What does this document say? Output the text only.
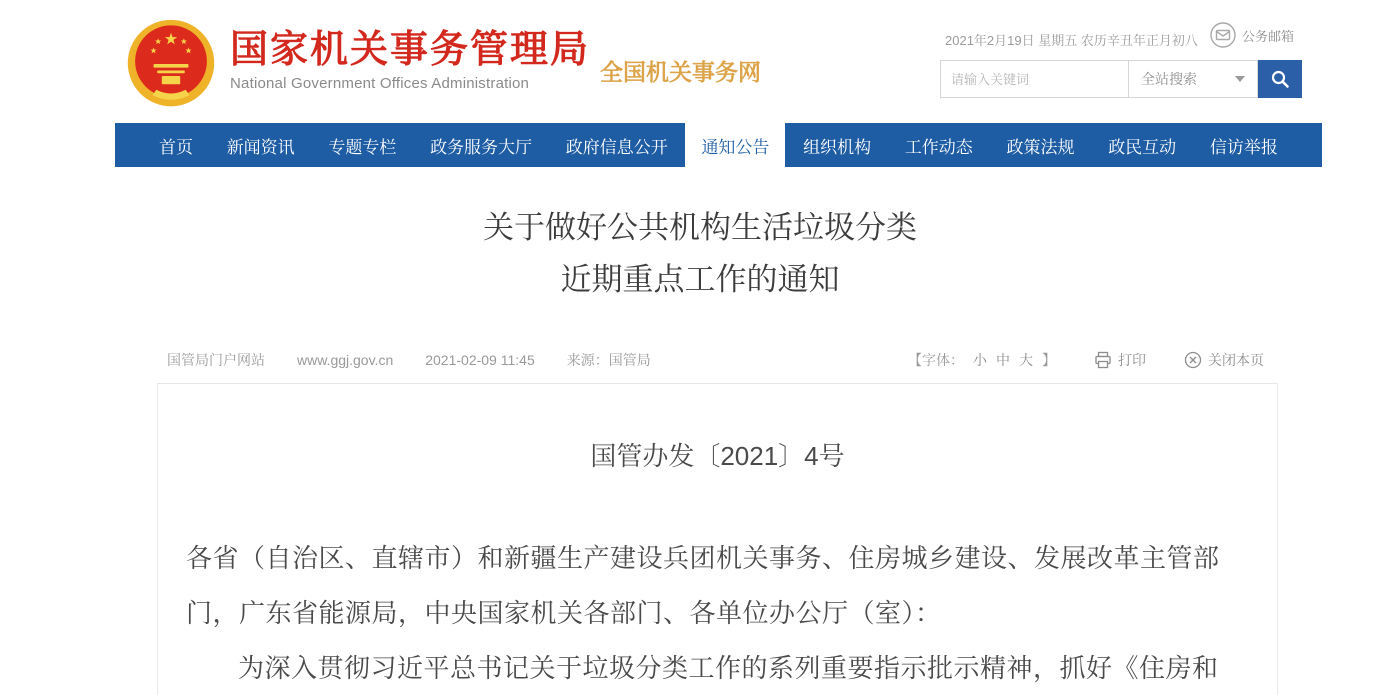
国家机关事务管理局
National Government Offices Administration	全国机关事务网
2021年2月19日 星期五 农历辛丑年正月初八	公务邮箱
请输入关键词
全站搜索
首页	新闻资讯	专题专栏	政务服务大厅	政府信息公开	通知公告	组织机构	工作动态	政策法规	政民互动	信访举报
关于做好公共机构生活垃圾分类
近期重点工作的通知
国管局门户网站 www.ggj.gov.cn 2021-02-09 11:45 来源：国管局	【字体： 小 中 大 】	打印	关闭本页
国管办发〔2021〕4号

各省（自治区、直辖市）和新疆生产建设兵团机关事务、住房城乡建设、发展改革主管部门，广东省能源局，中央国家机关各部门、各单位办公厅（室）：

为深入贯彻习近平总书记关于垃圾分类工作的系列重要指示批示精神，抓好《住房和
